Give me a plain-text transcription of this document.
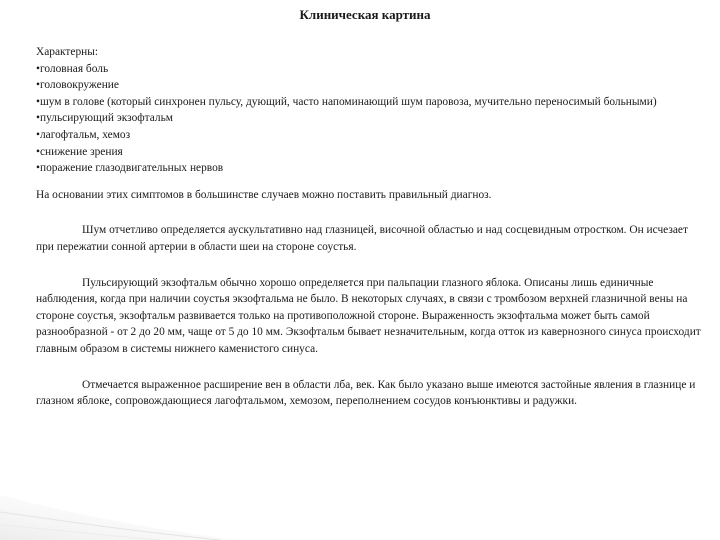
Клиническая картина

Характерны:

•головная боль
•головокружение
•шум в голове (который синхронен пульсу, дующий, часто напоминающий шум паровоза, мучительно переносимый больными)
•пульсирующий экзофтальм
•лагофтальм, хемоз
•снижение зрения
•поражение глазодвигательных нервов

На основании этих симптомов в большинстве случаев можно поставить правильный диагноз.

Шум отчетливо определяется аускультативно над глазницей, височной областью и над сосцевидным отростком. Он исчезает при пережатии сонной артерии в области шеи на стороне соустья.

Пульсирующий экзофтальм обычно хорошо определяется при пальпации глазного яблока. Описаны лишь единичные наблюдения, когда при наличии соустья экзофтальма не было. В некоторых случаях, в связи с тромбозом верхней глазничной вены на стороне соустья, экзофтальм развивается только на противоположной стороне. Выраженность экзофтальма может быть самой разнообразной - от 2 до 20 мм, чаще от 5 до 10 мм. Экзофтальм бывает незначительным, когда отток из кавернозного синуса происходит главным образом в системы нижнего каменистого синуса.

Отмечается выраженное расширение вен в области лба, век. Как было указано выше имеются застойные явления в глазнице и глазном яблоке, сопровождающиеся лагофтальмом, хемозом, переполнением сосудов конъюнктивы и радужки.
